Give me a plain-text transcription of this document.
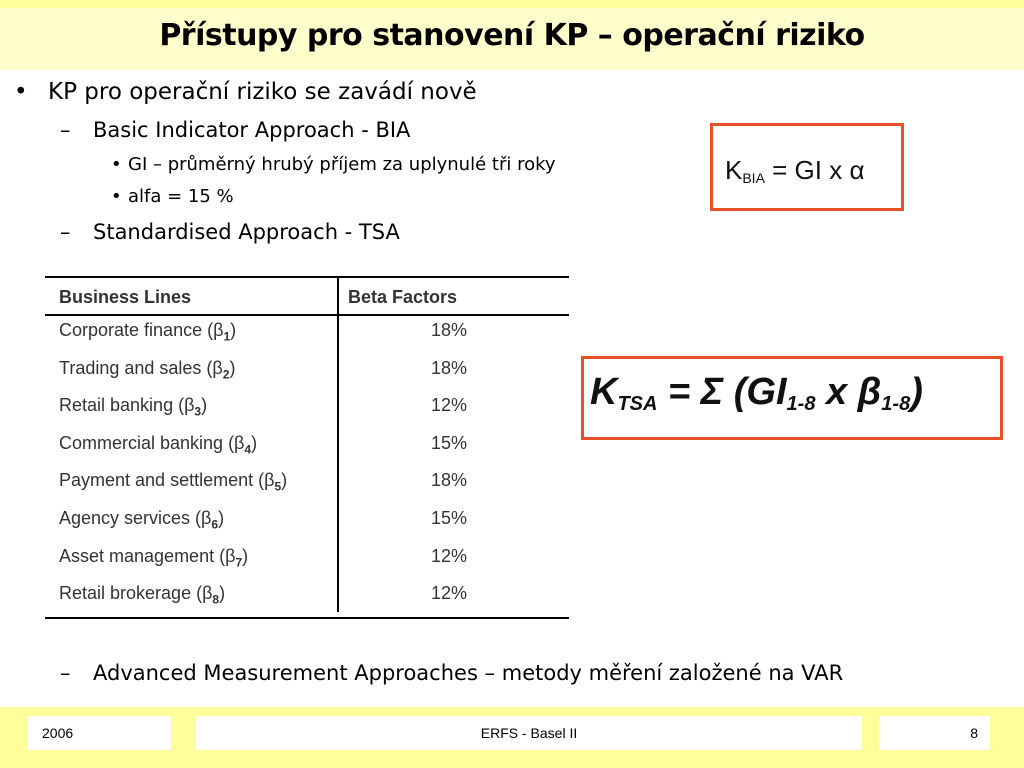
Přístupy pro stanovení KP – operační riziko
• KP pro operační riziko se zavádí nově
– Basic Indicator Approach - BIA
• GI – průměrný hrubý příjem za uplynulé tři roky
• alfa = 15 %
– Standardised Approach - TSA
– Advanced Measurement Approaches – metody měření založené na VAR
$K_{BIA}$ = GI x α
$K_{TSA} = \Sigma$ ($GI_{1-8}$ x $\beta_{1-8}$)
Business Lines	Beta Factors
Corporate finance $(\beta_1)$	18%
Trading and sales $(\beta_2)$	18%
Retail banking $(\beta_3)$	12%
Commercial banking $(\beta_4)$	15%
Payment and settlement $(\beta_5)$	18%
Agency services $(\beta_6)$	15%
Asset management $(\beta_7)$	12%
Retail brokerage $(\beta_8)$	12%
2006	ERFS - Basel II	8
